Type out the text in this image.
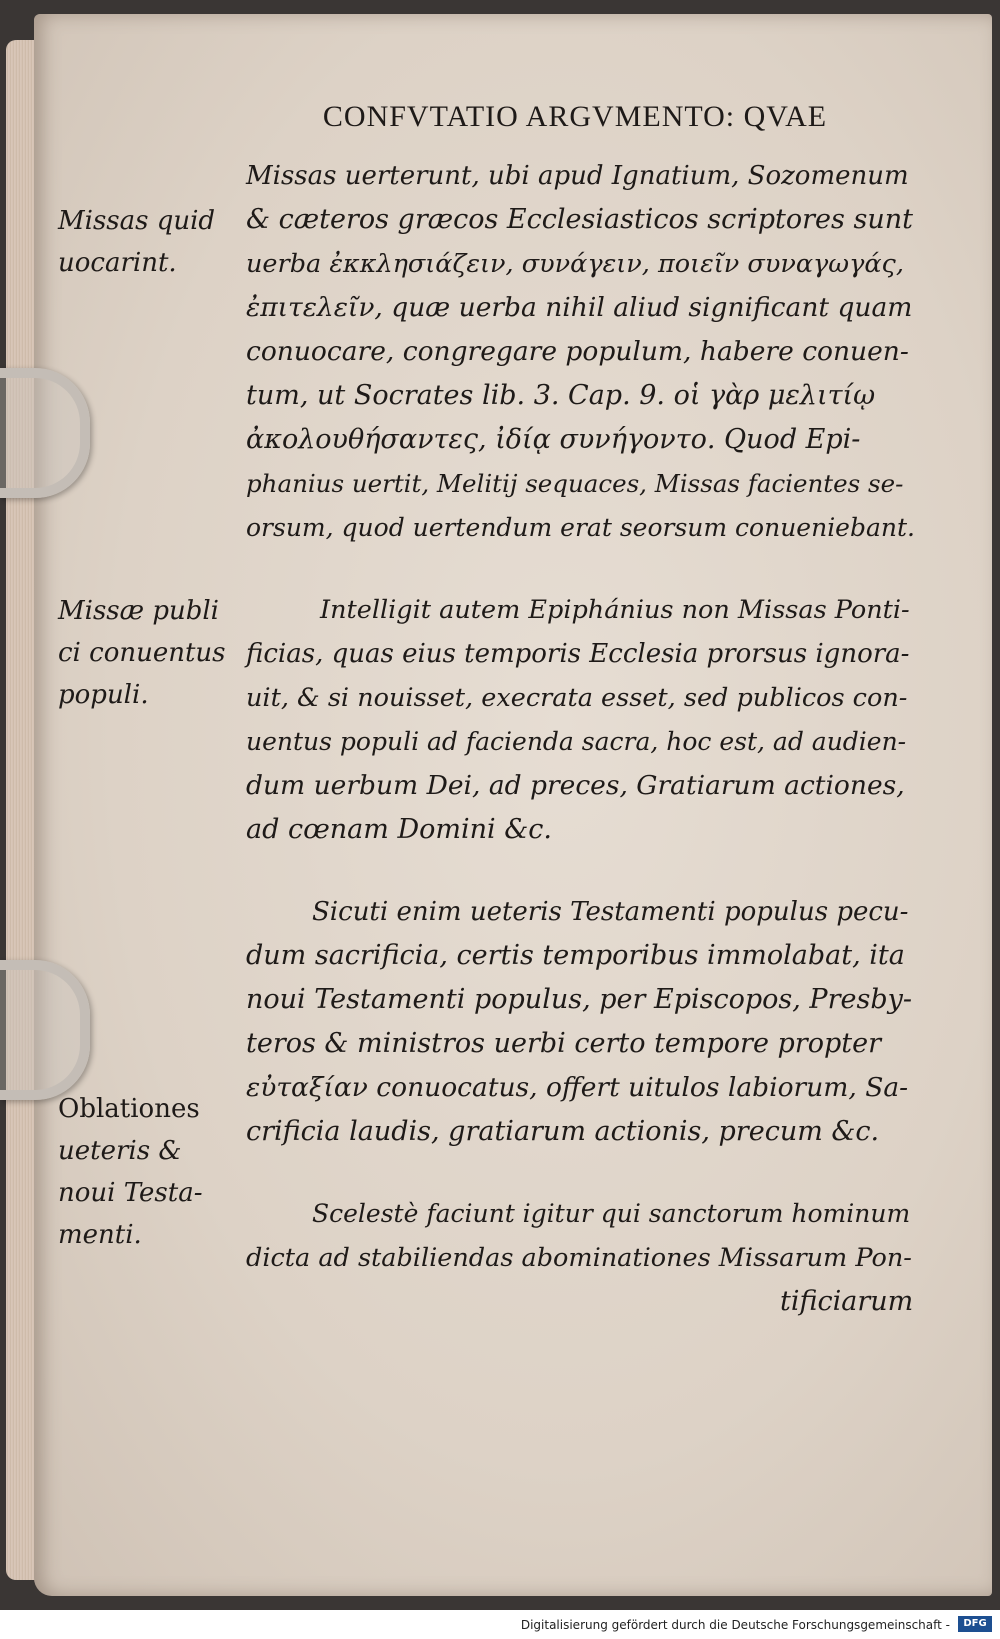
CONFVTATIO ARGVMENTO: QVAE
Missas uerterunt, ubi apud Ignatium, Sozomenum
& cæteros græcos Ecclesiasticos scriptores sunt
uerba ἐκκλησιάζειν, συνάγειν, ποιεῖν συναγωγάς,
ἐπιτελεῖν, quæ uerba nihil aliud significant quam
conuocare, congregare populum, habere conuen-
tum, ut Socrates lib. 3. Cap. 9. οἱ γὰρ μελιτίῳ
ἀκολουθήσαντες, ἰδίᾳ συνήγοντο. Quod Epi-
phanius uertit, Melitij sequaces, Missas facientes se-
orsum, quod uertendum erat seorsum conueniebant.
Intelligit autem Epiphánius non Missas Ponti-
ficias, quas eius temporis Ecclesia prorsus ignora-
uit, & si nouisset, execrata esset, sed publicos con-
uentus populi ad facienda sacra, hoc est, ad audien-
dum uerbum Dei, ad preces, Gratiarum actiones,
ad cœnam Domini &c.
Sicuti enim ueteris Testamenti populus pecu-
dum sacrificia, certis temporibus immolabat, ita
noui Testamenti populus, per Episcopos, Presby-
teros & ministros uerbi certo tempore propter
εὐταξίαν conuocatus, offert uitulos labiorum, Sa-
crificia laudis, gratiarum actionis, precum &c.
Scelestè faciunt igitur qui sanctorum hominum
dicta ad stabiliendas abominationes Missarum Pon-
tificiarum
Missas quid
uocarint.
Missæ publi
ci conuentus
populi.
Oblationes
ueteris &
noui Testa-
menti.
Digitalisierung gefördert durch die Deutsche Forschungsgemeinschaft -	DFG
